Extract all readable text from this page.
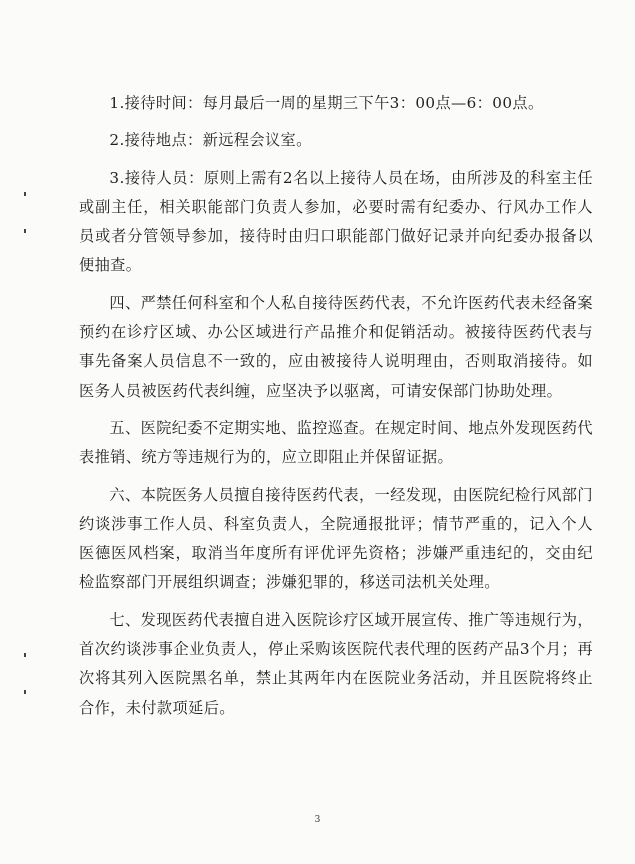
1.接待时间：每月最后一周的星期三下午3：00点—6：00点。

2.接待地点：新远程会议室。

3.接待人员：原则上需有2名以上接待人员在场，由所涉及的科室主任或副主任，相关职能部门负责人参加，必要时需有纪委办、行风办工作人员或者分管领导参加，接待时由归口职能部门做好记录并向纪委办报备以便抽查。

四、严禁任何科室和个人私自接待医药代表，不允许医药代表未经备案预约在诊疗区域、办公区域进行产品推介和促销活动。被接待医药代表与事先备案人员信息不一致的，应由被接待人说明理由，否则取消接待。如医务人员被医药代表纠缠，应坚决予以驱离，可请安保部门协助处理。

五、医院纪委不定期实地、监控巡查。在规定时间、地点外发现医药代表推销、统方等违规行为的，应立即阻止并保留证据。

六、本院医务人员擅自接待医药代表，一经发现，由医院纪检行风部门约谈涉事工作人员、科室负责人，全院通报批评；情节严重的，记入个人医德医风档案，取消当年度所有评优评先资格；涉嫌严重违纪的，交由纪检监察部门开展组织调查；涉嫌犯罪的，移送司法机关处理。

七、发现医药代表擅自进入医院诊疗区域开展宣传、推广等违规行为，首次约谈涉事企业负责人，停止采购该医院代表代理的医药产品3个月；再次将其列入医院黑名单，禁止其两年内在医院业务活动，并且医院将终止合作，未付款项延后。

3
